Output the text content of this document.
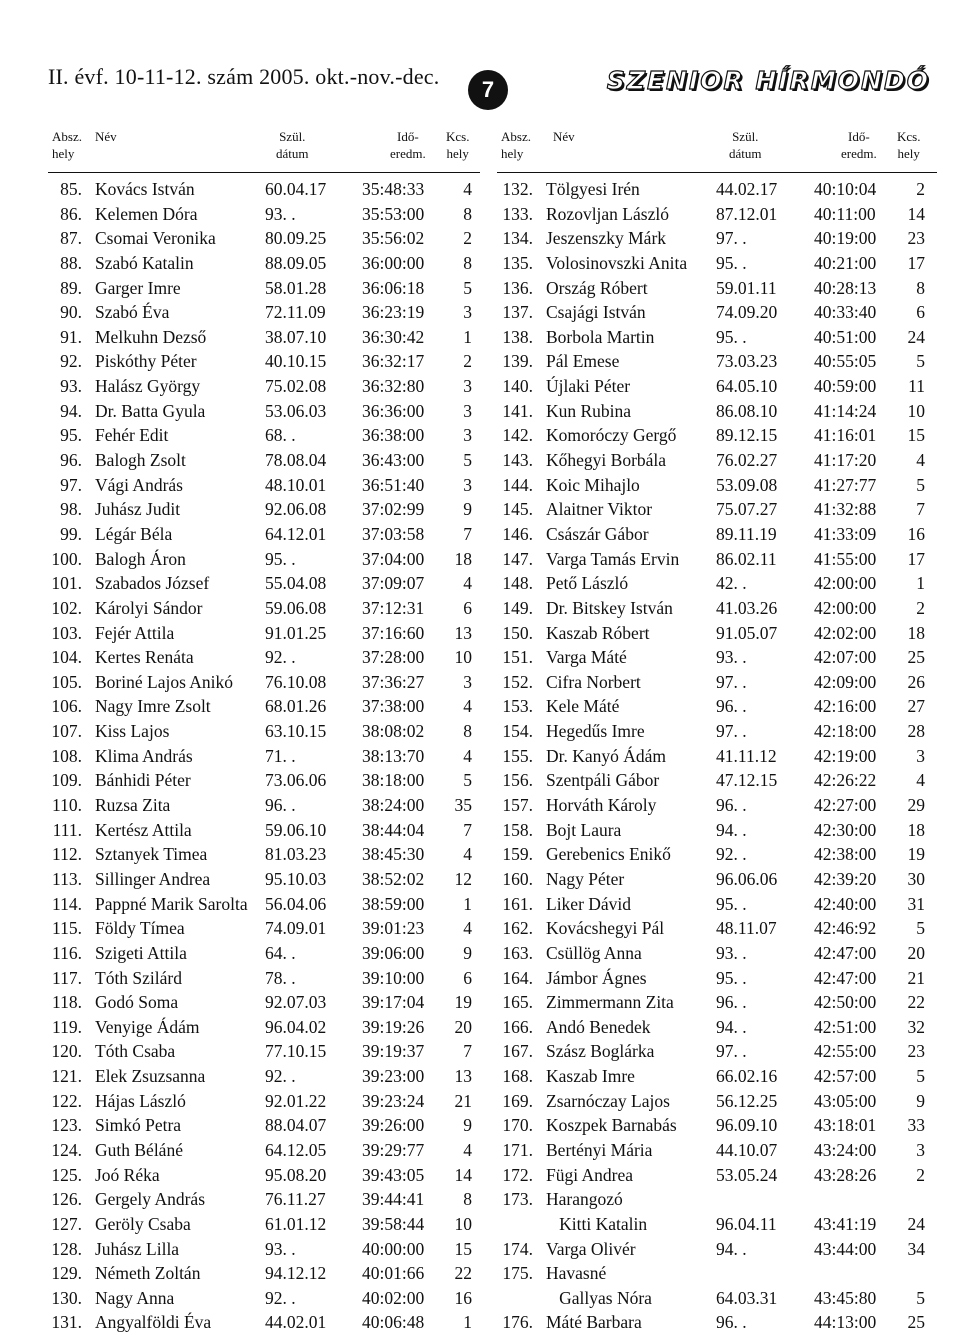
II. évf. 10-11-12. szám 2005. okt.-nov.-dec.
7	SZENIOR HÍRMONDÓ
Absz.
hely
Név	Szül.
dátum
Idő-
eredm.
Kcs.
hely
85. Kovács István	60.04.17 35:48:33	4
86. Kelemen Dóra	93. .	35:53:00	8
87. Csomai Veronika	80.09.25 35:56:02	2
88. Szabó Katalin	88.09.05 36:00:00	8
89. Garger Imre	58.01.28 36:06:18	5
90. Szabó Éva	72.11.09 36:23:19	3
91. Melkuhn Dezső	38.07.10 36:30:42	1
92. Piskóthy Péter	40.10.15 36:32:17	2
93. Halász György	75.02.08 36:32:80	3
94. Dr. Batta Gyula	53.06.03 36:36:00	3
95. Fehér Edit	68. .	36:38:00	3
96. Balogh Zsolt	78.08.04 36:43:00	5
97. Vági András	48.10.01 36:51:40	3
98. Juhász Judit	92.06.08 37:02:99	9
99. Légár Béla	64.12.01 37:03:58	7
100. Balogh Áron	95. .	37:04:00	18
101. Szabados József	55.04.08 37:09:07	4
102. Károlyi Sándor	59.06.08 37:12:31	6
103. Fejér Attila	91.01.25 37:16:60	13
104. Kertes Renáta	92. .	37:28:00	10
105. Boriné Lajos Anikó 76.10.08 37:36:27	3
106. Nagy Imre Zsolt	68.01.26 37:38:00	4
107. Kiss Lajos	63.10.15 38:08:02	8
108. Klima András	71. .	38:13:70	4
109. Bánhidi Péter	73.06.06 38:18:00	5
110. Ruzsa Zita	96. .	38:24:00	35
111. Kertész Attila	59.06.10 38:44:04	7
112. Sztanyek Timea	81.03.23 38:45:30	4
113. Sillinger Andrea	95.10.03 38:52:02	12
114. Pappné Marik Sarolta 56.04.06 38:59:00	1
115. Földy Tímea	74.09.01 39:01:23	4
116. Szigeti Attila	64. .	39:06:00	9
117. Tóth Szilárd	78. .	39:10:00	6
118. Godó Soma	92.07.03 39:17:04	19
119. Venyige Ádám	96.04.02 39:19:26	20
120. Tóth Csaba	77.10.15 39:19:37	7
121. Elek Zsuzsanna	92. .	39:23:00	13
122. Hájas László	92.01.22 39:23:24	21
123. Simkó Petra	88.04.07 39:26:00	9
124. Guth Béláné	64.12.05 39:29:77	4
125. Joó Réka	95.08.20 39:43:05	14
126. Gergely András	76.11.27 39:44:41	8
127. Geröly Csaba	61.01.12 39:58:44	10
128. Juhász Lilla	93. .	40:00:00	15
129. Németh Zoltán	94.12.12 40:01:66	22
130. Nagy Anna	92. .	40:02:00	16
131. Angyalföldi Éva	44.02.01 40:06:48	1
Absz.
hely
Név	Szül.
dátum
Idő-
eredm.
Kcs.
hely
132. Tölgyesi Irén	44.02.17 40:10:04	2
133. Rozovljan László	87.12.01 40:11:00	14
134. Jeszenszky Márk	97. .	40:19:00	23
135. Volosinovszki Anita 95. .	40:21:00	17
136. Ország Róbert	59.01.11 40:28:13	8
137. Csajági István	74.09.20 40:33:40	6
138. Borbola Martin	95. .	40:51:00	24
139. Pál Emese	73.03.23 40:55:05	5
140. Újlaki Péter	64.05.10 40:59:00	11
141. Kun Rubina	86.08.10 41:14:24	10
142. Komoróczy Gergő 89.12.15 41:16:01	15
143. Kőhegyi Borbála	76.02.27 41:17:20	4
144. Koic Mihajlo	53.09.08 41:27:77	5
145. Alaitner Viktor	75.07.27 41:32:88	7
146. Császár Gábor	89.11.19 41:33:09	16
147. Varga Tamás Ervin 86.02.11 41:55:00	17
148. Pető László	42. .	42:00:00	1
149. Dr. Bitskey István 41.03.26 42:00:00	2
150. Kaszab Róbert	91.05.07 42:02:00	18
151. Varga Máté	93. .	42:07:00	25
152. Cifra Norbert	97. .	42:09:00	26
153. Kele Máté	96. .	42:16:00	27
154. Hegedűs Imre	97. .	42:18:00	28
155. Dr. Kanyó Ádám	41.11.12 42:19:00	3
156. Szentpáli Gábor	47.12.15 42:26:22	4
157. Horváth Károly	96. .	42:27:00	29
158. Bojt Laura	94. .	42:30:00	18
159. Gerebenics Enikő	92. .	42:38:00	19
160. Nagy Péter	96.06.06 42:39:20	30
161. Liker Dávid	95. .	42:40:00	31
162. Kovácshegyi Pál	48.11.07 42:46:92	5
163. Csüllög Anna	93. .	42:47:00	20
164. Jámbor Ágnes	95. .	42:47:00	21
165. Zimmermann Zita 96. .	42:50:00	22
166. Andó Benedek	94. .	42:51:00	32
167. Szász Boglárka	97. .	42:55:00	23
168. Kaszab Imre	66.02.16 42:57:00	5
169. Zsarnóczay Lajos	56.12.25 43:05:00	9
170. Koszpek Barnabás 96.09.10 43:18:01	33
171. Bertényi Mária	44.10.07 43:24:00	3
172. Fügi Andrea	53.05.24 43:28:26	2
173. Harangozó
Kitti Katalin	96.04.11 43:41:19	24
174. Varga Olivér	94. .	43:44:00	34
175. Havasné
Gallyas Nóra	64.03.31 43:45:80	5
176. Máté Barbara	96. .	44:13:00	25
